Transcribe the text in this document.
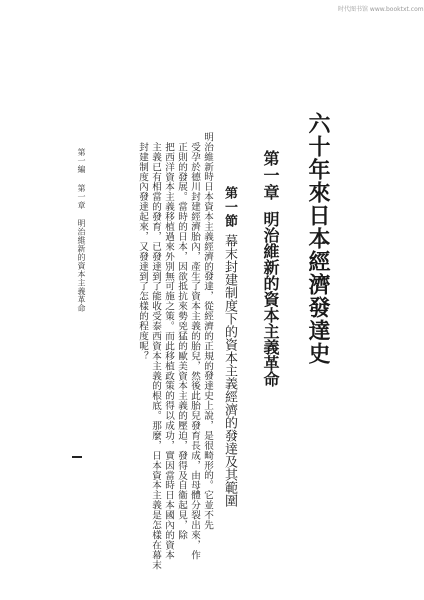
时代图书馆 www.booktxt.com
六十年來日本經濟發達史
第一章明治維新的資本主義革命
第一節幕末封建制度下的資本主義經濟的發達及其範圍
明治維新時日本資本主義經濟的發達，從經濟的正規的發達史上說，是很畸形的。它並不先
受孕於德川封建經濟胎內，產生了資本主義的胎兒，然後此胎兒發育長成，由母體分裂出來，作
正則的發展。當時的日本，因欲抵抗來勢兇猛的歐美資本主義的壓迫，發得及自衞起見，除
把西洋資本主義移植過來外別無可施之策。而此移植政策的得以成功，實因當時日本國內的資本
主義已有相當的發育，已發達到了能收受泰西資本主義的根底。那麼，日本資本主義是怎樣在幕末
封建制度內發達起來，又發達到了怎樣的程度呢？
第一編 第一章 明治維新的資本主義革命
